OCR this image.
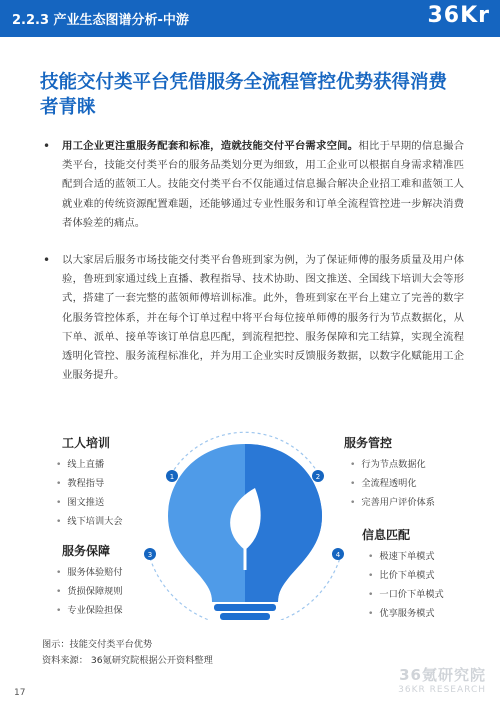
2.2.3 产业生态图谱分析-中游	36Kr
技能交付类平台凭借服务全流程管控优势获得消费者青睐
• 用工企业更注重服务配套和标准，造就技能交付平台需求空间。相比于早期的信息撮合类平台，技能交付类平台的服务品类划分更为细致，用工企业可以根据自身需求精准匹配到合适的蓝领工人。技能交付类平台不仅能通过信息撮合解决企业招工难和蓝领工人就业难的传统资源配置难题，还能够通过专业性服务和订单全流程管控进一步解决消费者体验差的痛点。
• 以大家居后服务市场技能交付类平台鲁班到家为例，为了保证师傅的服务质量及用户体验，鲁班到家通过线上直播、教程指导、技术协助、图文推送、全国线下培训大会等形式，搭建了一套完整的蓝领师傅培训标准。此外，鲁班到家在平台上建立了完善的数字化服务管控体系，并在每个订单过程中将平台每位接单师傅的服务行为节点数据化，从下单、派单、接单等该订单信息匹配，到流程把控、服务保障和完工结算，实现全流程透明化管控、服务流程标准化，并为用工企业实时反馈服务数据，以数字化赋能用工企业服务提升。
1	2
3	4
工人培训
• 线上直播
• 教程指导
• 图文推送
• 线下培训大会
服务管控
• 行为节点数据化
• 全流程透明化
• 完善用户评价体系
服务保障
• 服务体验赔付
• 货损保障规则
• 专业保险担保
信息匹配
• 极速下单模式
• 比价下单模式
• 一口价下单模式
• 优享服务模式
图示：技能交付类平台优势
资料来源： 36氪研究院根据公开资料整理
36氪研究院
36KR RESEARCH
17
